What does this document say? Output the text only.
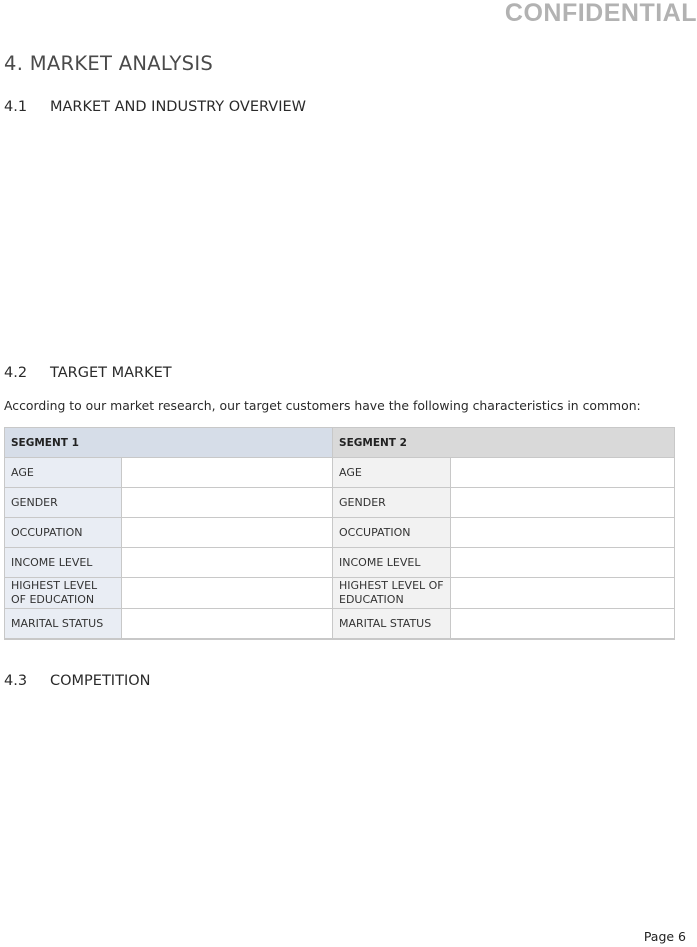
CONFIDENTIAL
4. MARKET ANALYSIS
4.1 MARKET AND INDUSTRY OVERVIEW
4.2 TARGET MARKET
According to our market research, our target customers have the following characteristics in common:
SEGMENT 1		SEGMENT 2	
AGE		AGE	
GENDER		GENDER	
OCCUPATION		OCCUPATION	
INCOME LEVEL		INCOME LEVEL	
HIGHEST LEVEL OF EDUCATION		HIGHEST LEVEL OF EDUCATION	
MARITAL STATUS		MARITAL STATUS	
4.3 COMPETITION
Page 6
